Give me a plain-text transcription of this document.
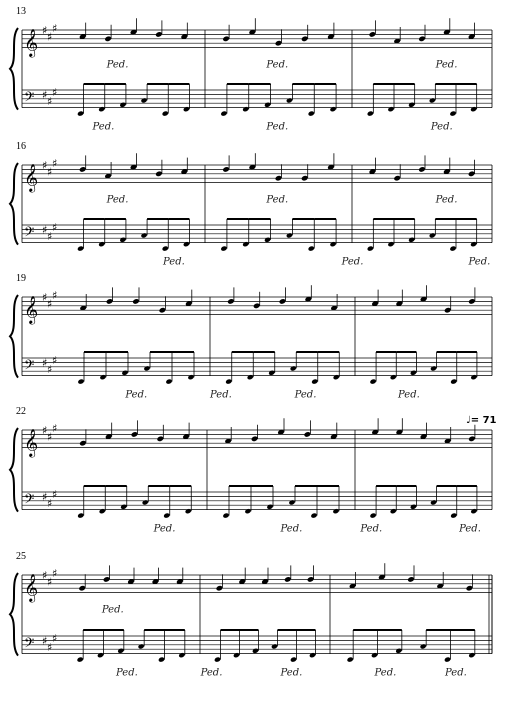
13
𝄞 ♯
♯
♯
𝄢 ♯
♯
♯
Ped.	Ped.	Ped.
Ped.	Ped.	Ped.
16
𝄞 ♯
♯
♯
𝄢 ♯
♯
♯
Ped.	Ped.	Ped.
Ped.	Ped.	Ped.
19
𝄞 ♯
♯
♯
𝄢 ♯
♯
♯
Ped.	Ped.	Ped.	Ped.
22
𝄞 ♯
♯
♯
𝄢 ♯
♯
♯
Ped.	Ped.	Ped.	Ped.
25
𝄞 ♯
♯
♯
𝄢 ♯
♯
♯
Ped.
Ped.	Ped.	Ped.	Ped.	Ped.
♩= 71
